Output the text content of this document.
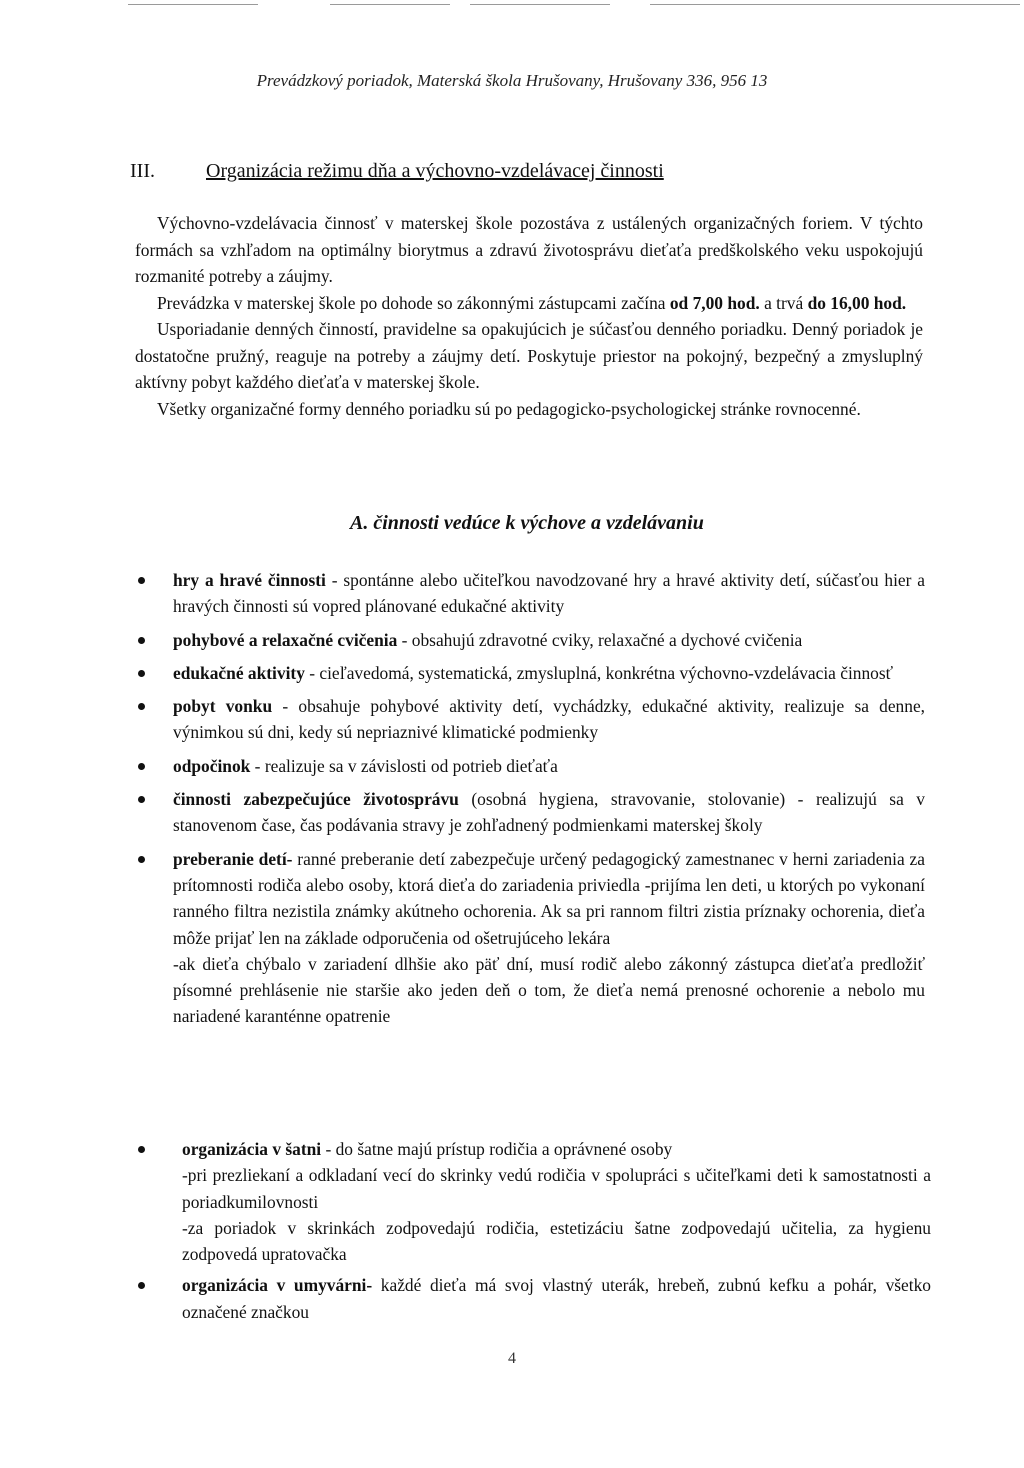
Prevádzkový poriadok, Materská škola Hrušovany, Hrušovany 336, 956 13
III.	Organizácia režimu dňa a výchovno-vzdelávacej činnosti

Výchovno-vzdelávacia činnosť v materskej škole pozostáva z ustálených organizačných foriem. V týchto formách sa vzhľadom na optimálny biorytmus a zdravú životosprávu dieťaťa predškolského veku uspokojujú rozmanité potreby a záujmy.

Prevádzka v materskej škole po dohode so zákonnými zástupcami začína od 7,00 hod. a trvá do 16,00 hod.

Usporiadanie denných činností, pravidelne sa opakujúcich je súčasťou denného poriadku. Denný poriadok je dostatočne pružný, reaguje na potreby a záujmy detí. Poskytuje priestor na pokojný, bezpečný a zmysluplný aktívny pobyt každého dieťaťa v materskej škole.

Všetky organizačné formy denného poriadku sú po pedagogicko-psychologickej stránke rovnocenné.

A. činnosti vedúce k výchove a vzdelávaniu
hry a hravé činnosti - spontánne alebo učiteľkou navodzované hry a hravé aktivity detí, súčasťou hier a hravých činnosti sú vopred plánované edukačné aktivity
pohybové a relaxačné cvičenia - obsahujú zdravotné cviky, relaxačné a dychové cvičenia
edukačné aktivity - cieľavedomá, systematická, zmysluplná, konkrétna výchovno-vzdelávacia činnosť
pobyt vonku - obsahuje pohybové aktivity detí, vychádzky, edukačné aktivity, realizuje sa denne, výnimkou sú dni, kedy sú nepriaznivé klimatické podmienky
odpočinok - realizuje sa v závislosti od potrieb dieťaťa
činnosti zabezpečujúce životosprávu (osobná hygiena, stravovanie, stolovanie) - realizujú sa v stanovenom čase, čas podávania stravy je zohľadnený podmienkami materskej školy
preberanie detí- ranné preberanie detí zabezpečuje určený pedagogický zamestnanec v herni zariadenia za prítomnosti rodiča alebo osoby, ktorá dieťa do zariadenia priviedla -prijíma len deti, u ktorých po vykonaní ranného filtra nezistila známky akútneho ochorenia. Ak sa pri rannom filtri zistia príznaky ochorenia, dieťa môže prijať len na základe odporučenia od ošetrujúceho lekára
-ak dieťa chýbalo v zariadení dlhšie ako päť dní, musí rodič alebo zákonný zástupca dieťaťa predložiť písomné prehlásenie nie staršie ako jeden deň o tom, že dieťa nemá prenosné ochorenie a nebolo mu nariadené karanténne opatrenie
organizácia v šatni - do šatne majú prístup rodičia a oprávnené osoby
-pri prezliekaní a odkladaní vecí do skrinky vedú rodičia v spolupráci s učiteľkami deti k samostatnosti a poriadkumilovnosti
-za poriadok v skrinkách zodpovedajú rodičia, estetizáciu šatne zodpovedajú učitelia, za hygienu zodpovedá upratovačka
organizácia v umyvárni- každé dieťa má svoj vlastný uterák, hrebeň, zubnú kefku a pohár, všetko označené značkou
4
